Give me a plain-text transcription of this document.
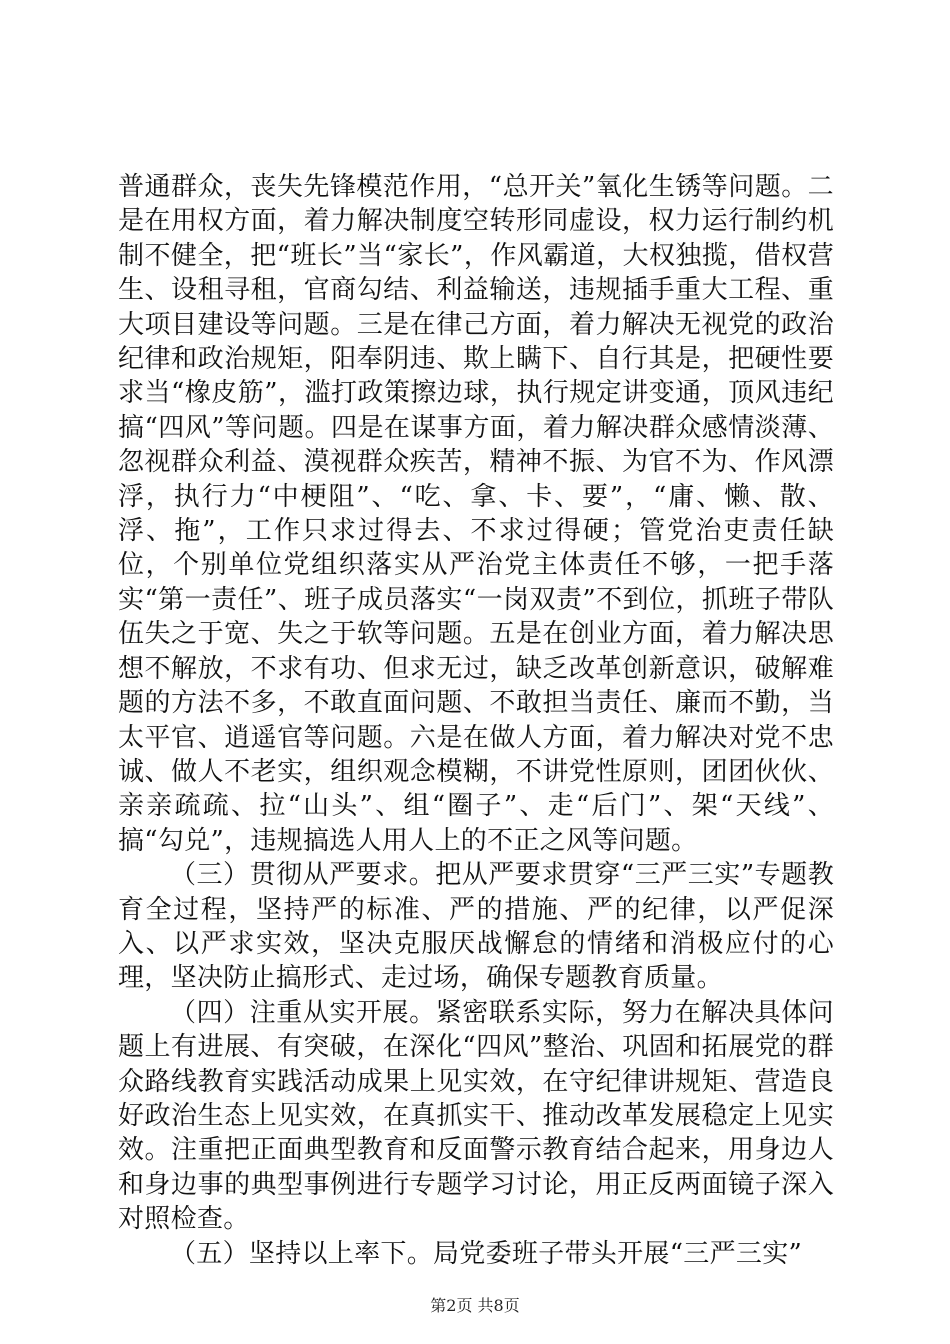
普通群众，丧失先锋模范作用，“总开关”氧化生锈等问题。二是在用权方面，着力解决制度空转形同虚设，权力运行制约机制不健全，把“班长”当“家长”，作风霸道，大权独揽，借权营生、设租寻租，官商勾结、利益输送，违规插手重大工程、重大项目建设等问题。三是在律己方面，着力解决无视党的政治纪律和政治规矩，阳奉阴违、欺上瞒下、自行其是，把硬性要求当“橡皮筋”，滥打政策擦边球，执行规定讲变通，顶风违纪搞“四风”等问题。四是在谋事方面，着力解决群众感情淡薄、忽视群众利益、漠视群众疾苦，精神不振、为官不为、作风漂浮，执行力“中梗阻”、“吃、拿、卡、要”，“庸、懒、散、浮、拖”，工作只求过得去、不求过得硬；管党治吏责任缺位，个别单位党组织落实从严治党主体责任不够，一把手落实“第一责任”、班子成员落实“一岗双责”不到位，抓班子带队伍失之于宽、失之于软等问题。五是在创业方面，着力解决思想不解放，不求有功、但求无过，缺乏改革创新意识，破解难题的方法不多，不敢直面问题、不敢担当责任、廉而不勤，当太平官、逍遥官等问题。六是在做人方面，着力解决对党不忠诚、做人不老实，组织观念模糊，不讲党性原则，团团伙伙、亲亲疏疏、拉“山头”、组“圈子”、走“后门”、架“天线”、搞“勾兑”，违规搞选人用人上的不正之风等问题。

（三）贯彻从严要求。把从严要求贯穿“三严三实”专题教育全过程，坚持严的标准、严的措施、严的纪律，以严促深入、以严求实效，坚决克服厌战懈怠的情绪和消极应付的心理，坚决防止搞形式、走过场，确保专题教育质量。

（四）注重从实开展。紧密联系实际，努力在解决具体问题上有进展、有突破，在深化“四风”整治、巩固和拓展党的群众路线教育实践活动成果上见实效，在守纪律讲规矩、营造良好政治生态上见实效，在真抓实干、推动改革发展稳定上见实效。注重把正面典型教育和反面警示教育结合起来，用身边人和身边事的典型事例进行专题学习讨论，用正反两面镜子深入对照检查。

（五）坚持以上率下。局党委班子带头开展“三严三实”

第2页 共8页
